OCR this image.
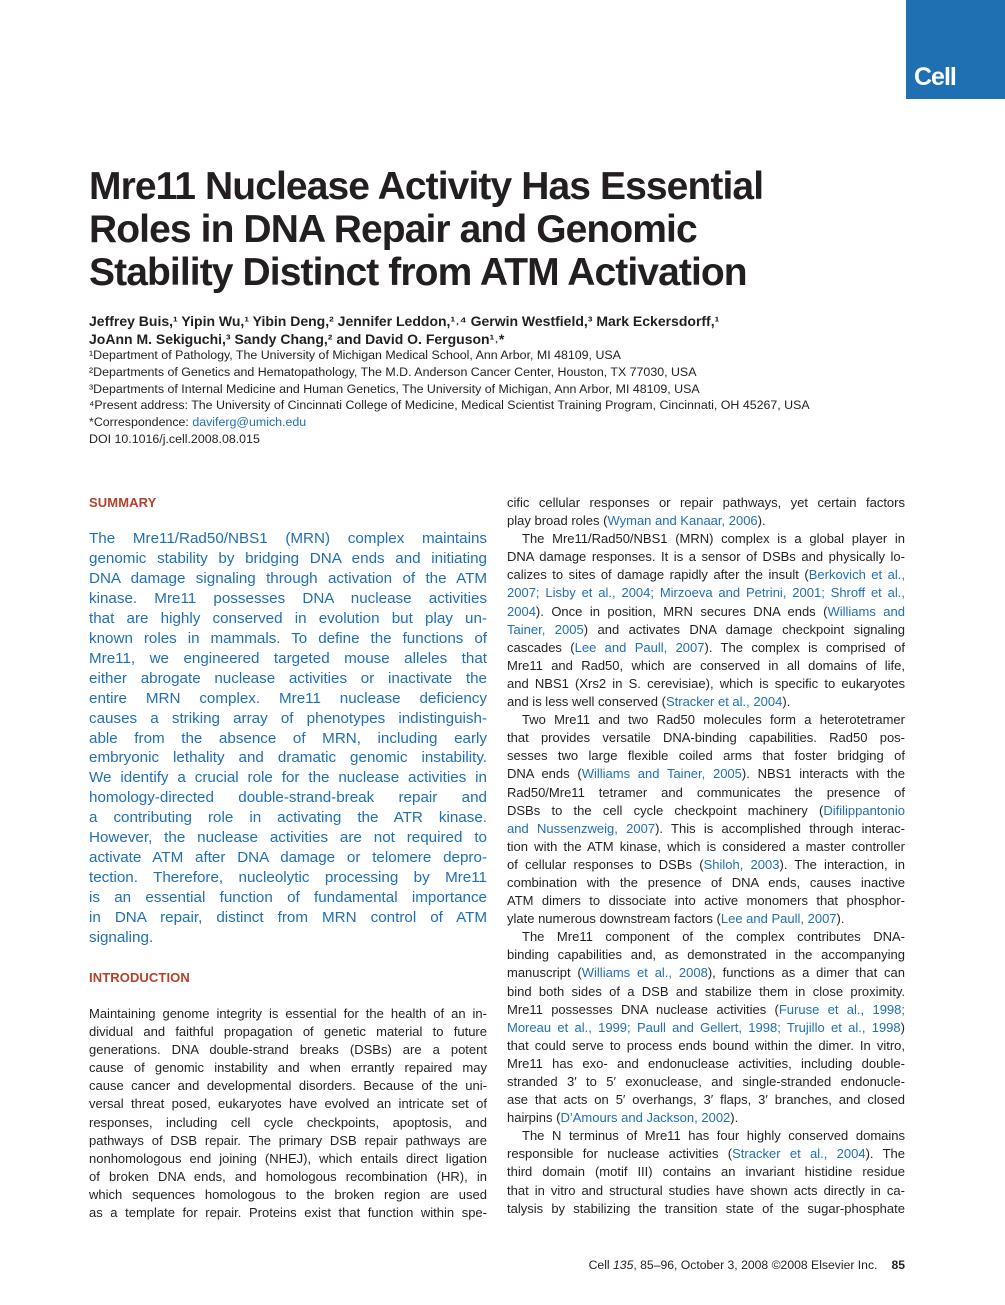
Cell
Mre11 Nuclease Activity Has Essential
Roles in DNA Repair and Genomic
Stability Distinct from ATM Activation
Jeffrey Buis,¹ Yipin Wu,¹ Yibin Deng,² Jennifer Leddon,¹˒⁴ Gerwin Westfield,³ Mark Eckersdorff,¹
JoAnn M. Sekiguchi,³ Sandy Chang,² and David O. Ferguson¹˒*
¹Department of Pathology, The University of Michigan Medical School, Ann Arbor, MI 48109, USA
²Departments of Genetics and Hematopathology, The M.D. Anderson Cancer Center, Houston, TX 77030, USA
³Departments of Internal Medicine and Human Genetics, The University of Michigan, Ann Arbor, MI 48109, USA
⁴Present address: The University of Cincinnati College of Medicine, Medical Scientist Training Program, Cincinnati, OH 45267, USA
*Correspondence: daviferg@umich.edu
DOI 10.1016/j.cell.2008.08.015
SUMMARY
The Mre11/Rad50/NBS1 (MRN) complex maintains
genomic stability by bridging DNA ends and initiating
DNA damage signaling through activation of the ATM
kinase. Mre11 possesses DNA nuclease activities
that are highly conserved in evolution but play un-
known roles in mammals. To define the functions of
Mre11, we engineered targeted mouse alleles that
either abrogate nuclease activities or inactivate the
entire MRN complex. Mre11 nuclease deficiency
causes a striking array of phenotypes indistinguish-
able from the absence of MRN, including early
embryonic lethality and dramatic genomic instability.
We identify a crucial role for the nuclease activities in
homology-directed double-strand-break repair and
a contributing role in activating the ATR kinase.
However, the nuclease activities are not required to
activate ATM after DNA damage or telomere depro-
tection. Therefore, nucleolytic processing by Mre11
is an essential function of fundamental importance
in DNA repair, distinct from MRN control of ATM
signaling.
INTRODUCTION
Maintaining genome integrity is essential for the health of an in-
dividual and faithful propagation of genetic material to future
generations. DNA double-strand breaks (DSBs) are a potent
cause of genomic instability and when errantly repaired may
cause cancer and developmental disorders. Because of the uni-
versal threat posed, eukaryotes have evolved an intricate set of
responses, including cell cycle checkpoints, apoptosis, and
pathways of DSB repair. The primary DSB repair pathways are
nonhomologous end joining (NHEJ), which entails direct ligation
of broken DNA ends, and homologous recombination (HR), in
which sequences homologous to the broken region are used
as a template for repair. Proteins exist that function within spe-
cific cellular responses or repair pathways, yet certain factors
play broad roles (Wyman and Kanaar, 2006).
The Mre11/Rad50/NBS1 (MRN) complex is a global player in
DNA damage responses. It is a sensor of DSBs and physically lo-
calizes to sites of damage rapidly after the insult (Berkovich et al.,
2007; Lisby et al., 2004; Mirzoeva and Petrini, 2001; Shroff et al.,
2004). Once in position, MRN secures DNA ends (Williams and
Tainer, 2005) and activates DNA damage checkpoint signaling
cascades (Lee and Paull, 2007). The complex is comprised of
Mre11 and Rad50, which are conserved in all domains of life,
and NBS1 (Xrs2 in S. cerevisiae), which is specific to eukaryotes
and is less well conserved (Stracker et al., 2004).
Two Mre11 and two Rad50 molecules form a heterotetramer
that provides versatile DNA-binding capabilities. Rad50 pos-
sesses two large flexible coiled arms that foster bridging of
DNA ends (Williams and Tainer, 2005). NBS1 interacts with the
Rad50/Mre11 tetramer and communicates the presence of
DSBs to the cell cycle checkpoint machinery (Difilippantonio
and Nussenzweig, 2007). This is accomplished through interac-
tion with the ATM kinase, which is considered a master controller
of cellular responses to DSBs (Shiloh, 2003). The interaction, in
combination with the presence of DNA ends, causes inactive
ATM dimers to dissociate into active monomers that phosphor-
ylate numerous downstream factors (Lee and Paull, 2007).
The Mre11 component of the complex contributes DNA-
binding capabilities and, as demonstrated in the accompanying
manuscript (Williams et al., 2008), functions as a dimer that can
bind both sides of a DSB and stabilize them in close proximity.
Mre11 possesses DNA nuclease activities (Furuse et al., 1998;
Moreau et al., 1999; Paull and Gellert, 1998; Trujillo et al., 1998)
that could serve to process ends bound within the dimer. In vitro,
Mre11 has exo- and endonuclease activities, including double-
stranded 3′ to 5′ exonuclease, and single-stranded endonucle-
ase that acts on 5′ overhangs, 3′ flaps, 3′ branches, and closed
hairpins (D’Amours and Jackson, 2002).
The N terminus of Mre11 has four highly conserved domains
responsible for nuclease activities (Stracker et al., 2004). The
third domain (motif III) contains an invariant histidine residue
that in vitro and structural studies have shown acts directly in ca-
talysis by stabilizing the transition state of the sugar-phosphate
Cell 135, 85–96, October 3, 2008 ©2008 Elsevier Inc. 85
